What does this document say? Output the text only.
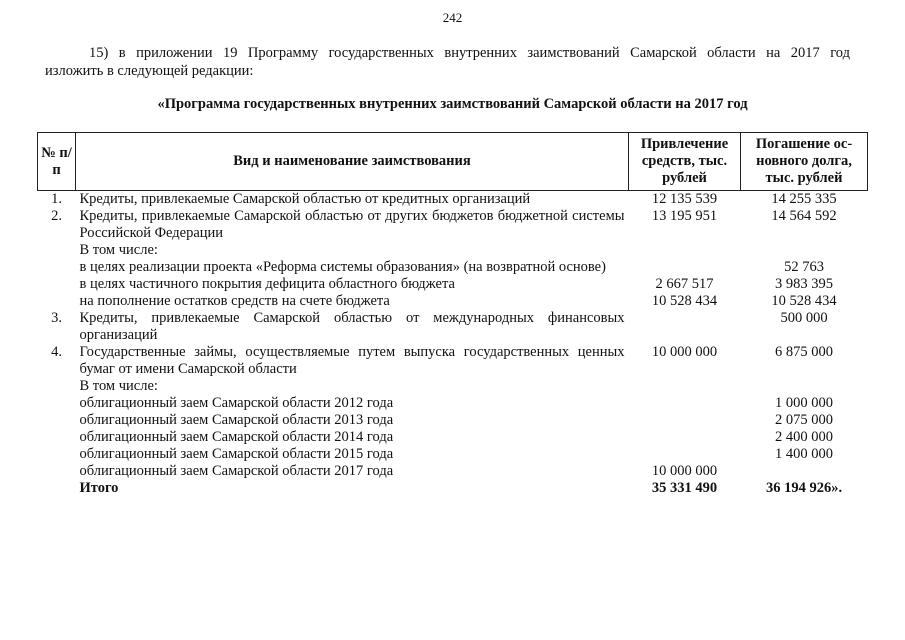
242
15) в приложении 19 Программу государственных внутренних заимствований Самарской области на 2017 год
изложить в следующей редакции:
«Программа государственных внутренних заимствований Самарской области на 2017 год
№ п/п	Вид и наименование заимствования	Привлечение средств, тыс. рублей	Погашение ос-новного долга, тыс. рублей
1.	Кредиты, привлекаемые Самарской областью от кредитных организаций	12 135 539	14 255 335
2.	Кредиты, привлекаемые Самарской областью от других бюджетов бюджетной системы Российской Федерации	13 195 951	14 564 592
	В том числе:		
	в целях реализации проекта «Реформа системы образования» (на возвратной основе)		52 763
	в целях частичного покрытия дефицита областного бюджета	2 667 517	3 983 395
	на пополнение остатков средств на счете бюджета	10 528 434	10 528 434
3.	Кредиты, привлекаемые Самарской областью от международных финансовых организаций		500 000
4.	Государственные займы, осуществляемые путем выпуска государственных ценных бумаг от имени Самарской области	10 000 000	6 875 000
	В том числе:		
	облигационный заем Самарской области 2012 года		1 000 000
	облигационный заем Самарской области 2013 года		2 075 000
	облигационный заем Самарской области 2014 года		2 400 000
	облигационный заем Самарской области 2015 года		1 400 000
	облигационный заем Самарской области 2017 года	10 000 000	
	Итого	35 331 490	36 194 926».
